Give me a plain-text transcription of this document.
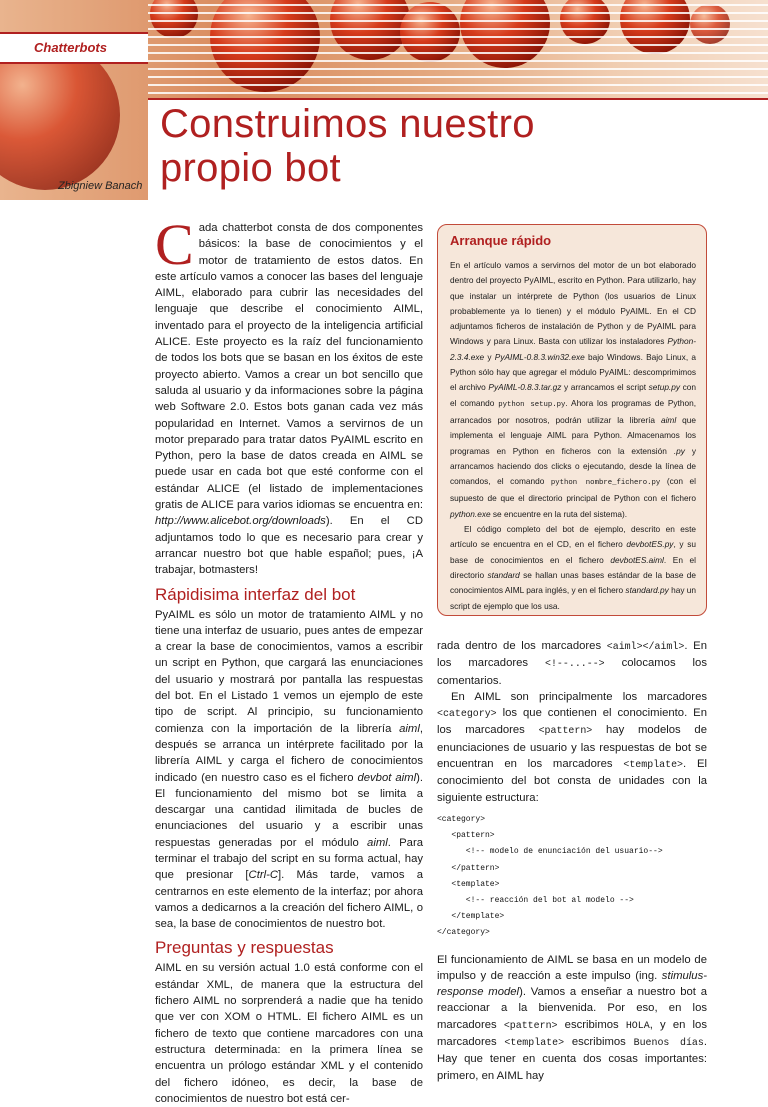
Chatterbots
Construimos nuestro
propio bot
Zbigniew Banach

Cada chatterbot consta de dos componentes básicos: la base de conocimientos y el motor de tratamiento de estos datos. En este artículo vamos a conocer las bases del lenguaje AIML, elaborado para cubrir las necesidades del lenguaje que describe el conocimiento AIML, inventado para el proyecto de la inteligencia artificial ALICE. Este proyecto es la raíz del funcionamiento de todos los bots que se basan en los éxitos de este proyecto abierto. Vamos a crear un bot sencillo que saluda al usuario y da informaciones sobre la página web Software 2.0. Estos bots ganan cada vez más popularidad en Internet. Vamos a servirnos de un motor preparado para tratar datos PyAIML escrito en Python, pero la base de datos creada en AIML se puede usar en cada bot que esté conforme con el estándar ALICE (el listado de implementaciones gratis de ALICE para varios idiomas se encuentra en: http://www.alicebot.org/downloads). En el CD adjuntamos todo lo que es necesario para crear y arrancar nuestro bot que hable español; pues, ¡A trabajar, botmasters!

Rápidisima interfaz del bot

PyAIML es sólo un motor de tratamiento AIML y no tiene una interfaz de usuario, pues antes de empezar a crear la base de conocimientos, vamos a escribir un script en Python, que cargará las enunciaciones del usuario y mostrará por pantalla las respuestas del bot. En el Listado 1 vemos un ejemplo de este tipo de script. Al principio, su funcionamiento comienza con la importación de la librería aiml, después se arranca un intérprete facilitado por la librería AIML y carga el fichero de conocimientos indicado (en nuestro caso es el fichero devbot aiml). El funcionamiento del mismo bot se limita a descargar una cantidad ilimitada de bucles de enunciaciones del usuario y a escribir unas respuestas generadas por el módulo aiml. Para terminar el trabajo del script en su forma actual, hay que presionar [Ctrl-C]. Más tarde, vamos a centrarnos en este elemento de la interfaz; por ahora vamos a dedicarnos a la creación del fichero AIML, o sea, la base de conocimientos de nuestro bot.

Preguntas y respuestas

AIML en su versión actual 1.0 está conforme con el estándar XML, de manera que la estructura del fichero AIML no sorprenderá a nadie que ha tenido que ver con XOM o HTML. El fichero AIML es un fichero de texto que contiene marcadores con una estructura determinada: en la primera línea se encuentra un prólogo estándar XML y el contenido del fichero idóneo, es decir, la base de conocimientos de nuestro bot está cer-

Arranque rápido

En el artículo vamos a servirnos del motor de un bot elaborado dentro del proyecto PyAIML, escrito en Python. Para utilizarlo, hay que instalar un intérprete de Python (los usuarios de Linux probablemente ya lo tienen) y el módulo PyAIML. En el CD adjuntamos ficheros de instalación de Python y de PyAIML para Windows y para Linux. Basta con utilizar los instaladores Python-2.3.4.exe y PyAIML-0.8.3.win32.exe bajo Windows. Bajo Linux, a Python sólo hay que agregar el módulo PyAIML: descomprimimos el archivo PyAIML-0.8.3.tar.gz y arrancamos el script setup.py con el comando python setup.py. Ahora los programas de Python, arrancados por nosotros, podrán utilizar la librería aiml que implementa el lenguaje AIML para Python. Almacenamos los programas en Python en ficheros con la extensión .py y arrancamos haciendo dos clicks o ejecutando, desde la línea de comandos, el comando python nombre_fichero.py (con el supuesto de que el directorio principal de Python con el fichero python.exe se encuentre en la ruta del sistema).

El código completo del bot de ejemplo, descrito en este artículo se encuentra en el CD, en el fichero devbotES.py, y su base de conocimientos en el fichero devbotES.aiml. En el directorio standard se hallan unas bases estándar de la base de conocimientos AIML para inglés, y en el fichero standard.py hay un script de ejemplo que los usa.

rada dentro de los marcadores <aiml></aiml>. En los marcadores <!--...--> colocamos los comentarios.

En AIML son principalmente los marcadores <category> los que contienen el conocimiento. En los marcadores <pattern> hay modelos de enunciaciones de usuario y las respuestas de bot se encuentran en los marcadores <template>. El conocimiento del bot consta de unidades con la siguiente estructura:

<category>
<pattern>
<!-- modelo de enunciación del usuario-->
</pattern>
<template>
<!-- reacción del bot al modelo -->
</template>
</category>

El funcionamiento de AIML se basa en un modelo de impulso y de reacción a este impulso (ing. stimulus-response model). Vamos a enseñar a nuestro bot a reaccionar a la bienvenida. Por eso, en los marcadores <pattern> escribimos HOLA, y en los marcadores <template> escribimos Buenos días. Hay que tener en cuenta dos cosas importantes: primero, en AIML hay
